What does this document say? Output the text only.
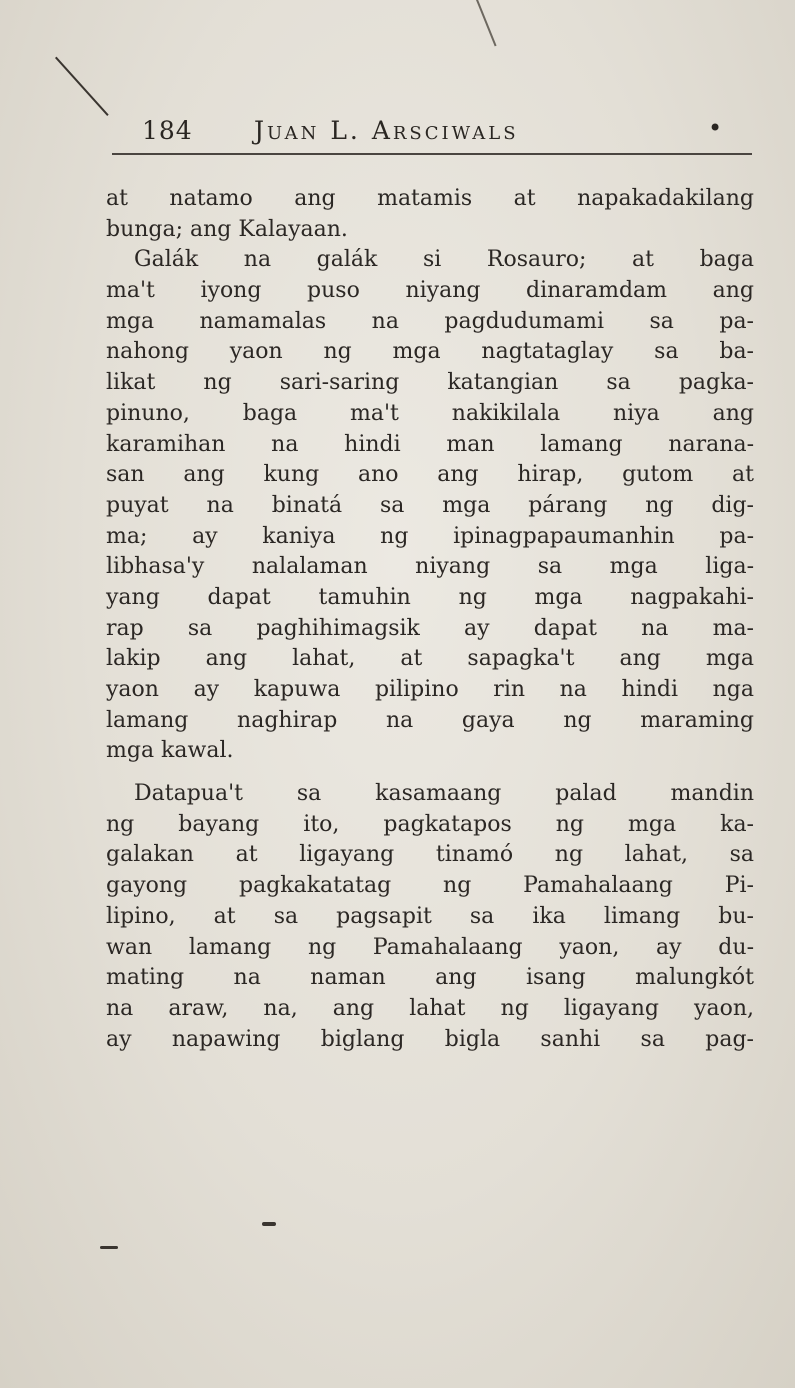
184 Juan L. Arsciwals	•
at natamo ang matamis at napakadakilang
bunga; ang Kalayaan.
Galák na galák si Rosauro; at baga
ma't iyong puso niyang dinaramdam ang
mga namamalas na pagdudumami sa pa-
nahong yaon ng mga nagtataglay sa ba-
likat ng sari-saring katangian sa pagka-
pinuno, baga ma't nakikilala niya ang
karamihan na hindi man lamang narana-
san ang kung ano ang hirap, gutom at
puyat na binatá sa mga párang ng dig-
ma; ay kaniya ng ipinagpapaumanhin pa-
libhasa'y nalalaman niyang sa mga liga-
yang dapat tamuhin ng mga nagpakahi-
rap sa paghihimagsik ay dapat na ma-
lakip ang lahat, at sapagka't ang mga
yaon ay kapuwa pilipino rin na hindi nga
lamang naghirap na gaya ng maraming
mga kawal.
Datapua't sa kasamaang palad mandin
ng bayang ito, pagkatapos ng mga ka-
galakan at ligayang tinamó ng lahat, sa
gayong pagkakatatag ng Pamahalaang Pi-
lipino, at sa pagsapit sa ika limang bu-
wan lamang ng Pamahalaang yaon, ay du-
mating na naman ang isang malungkót
na araw, na, ang lahat ng ligayang yaon,
ay napawing biglang bigla sanhi sa pag-
